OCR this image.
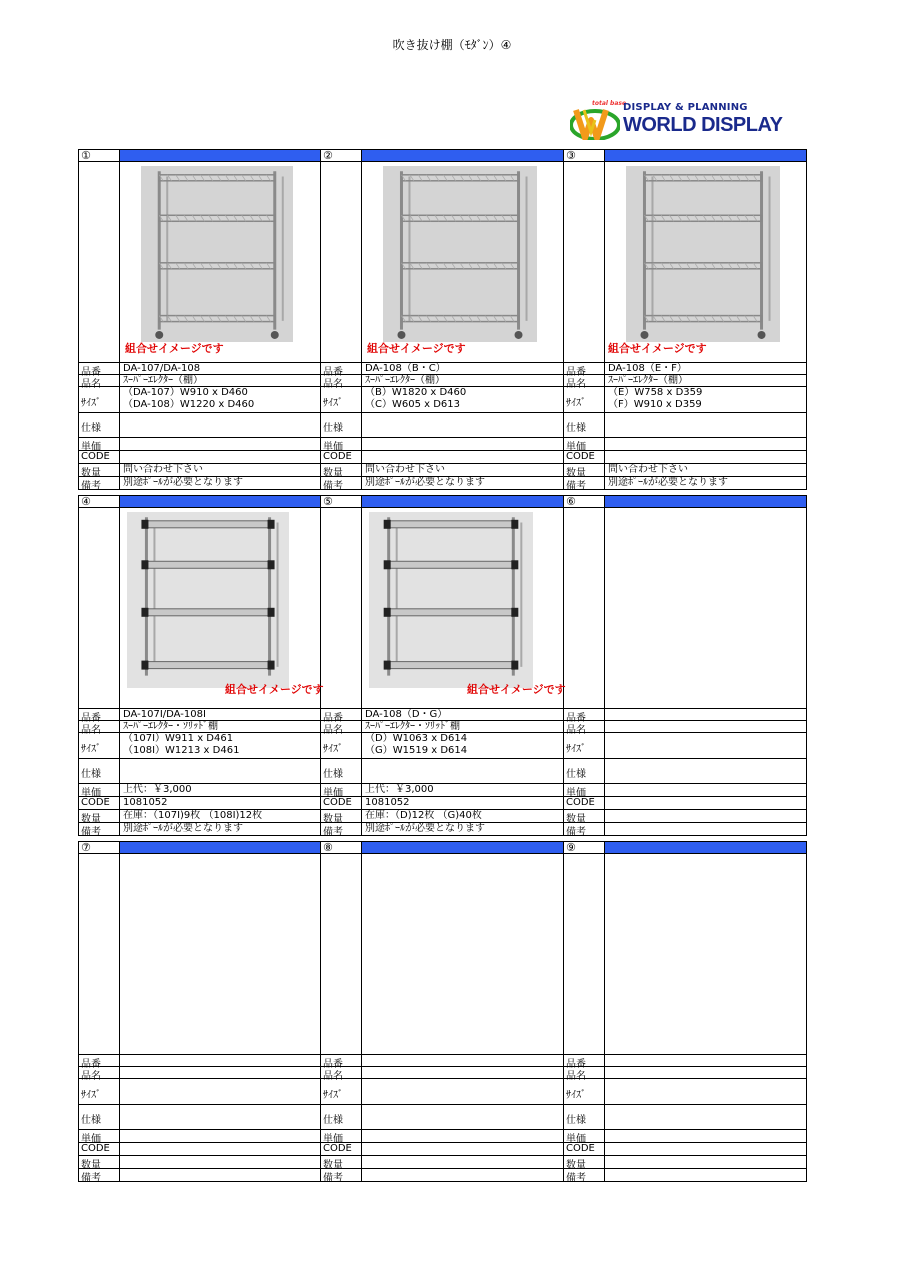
吹き抜け棚（ﾓﾀﾞﾝ）④
total base
DISPLAY & PLANNING
WORLD DISPLAY
①
組合せイメージです
品番 DA-107/DA-108
品名 ｽｰﾊﾟｰｴﾚｸﾀｰ（棚）
ｻｲｽﾞ
（DA-107）W910 x D460
（DA-108）W1220 x D460
仕様
単価
CODE
数量 問い合わせ下さい
備考 別途ﾎﾟｰﾙが必要となります
②
組合せイメージです
品番 DA-108（B・C）
品名 ｽｰﾊﾟｰｴﾚｸﾀｰ（棚）
ｻｲｽﾞ
（B）W1820 x D460
（C）W605 x D613
仕様
単価
CODE
数量 問い合わせ下さい
備考 別途ﾎﾟｰﾙが必要となります
③
組合せイメージです
品番 DA-108（E・F）
品名 ｽｰﾊﾟｰｴﾚｸﾀｰ（棚）
ｻｲｽﾞ
（E）W758 x D359
（F）W910 x D359
仕様
単価
CODE
数量 問い合わせ下さい
備考 別途ﾎﾟｰﾙが必要となります
④
組合せイメージです
品番 DA-107I/DA-108I
品名 ｽｰﾊﾟｰｴﾚｸﾀｰ・ｿﾘｯﾄﾞ棚
ｻｲｽﾞ
（107I）W911 x D461
（108I）W1213 x D461
仕様
単価 上代：￥3,000
CODE 1081052
数量 在庫：（107I)9枚 （108I)12枚
備考 別途ﾎﾟｰﾙが必要となります
⑤
組合せイメージです
品番 DA-108（D・G）
品名 ｽｰﾊﾟｰｴﾚｸﾀｰ・ｿﾘｯﾄﾞ棚
ｻｲｽﾞ
（D）W1063 x D614
（G）W1519 x D614
仕様
単価 上代：￥3,000
CODE 1081052
数量 在庫：（D)12枚 （G)40枚
備考 別途ﾎﾟｰﾙが必要となります
⑥
品番
品名
ｻｲｽﾞ
仕様
単価
CODE
数量
備考
⑦
品番
品名
ｻｲｽﾞ
仕様
単価
CODE
数量
備考
⑧
品番
品名
ｻｲｽﾞ
仕様
単価
CODE
数量
備考
⑨
品番
品名
ｻｲｽﾞ
仕様
単価
CODE
数量
備考
